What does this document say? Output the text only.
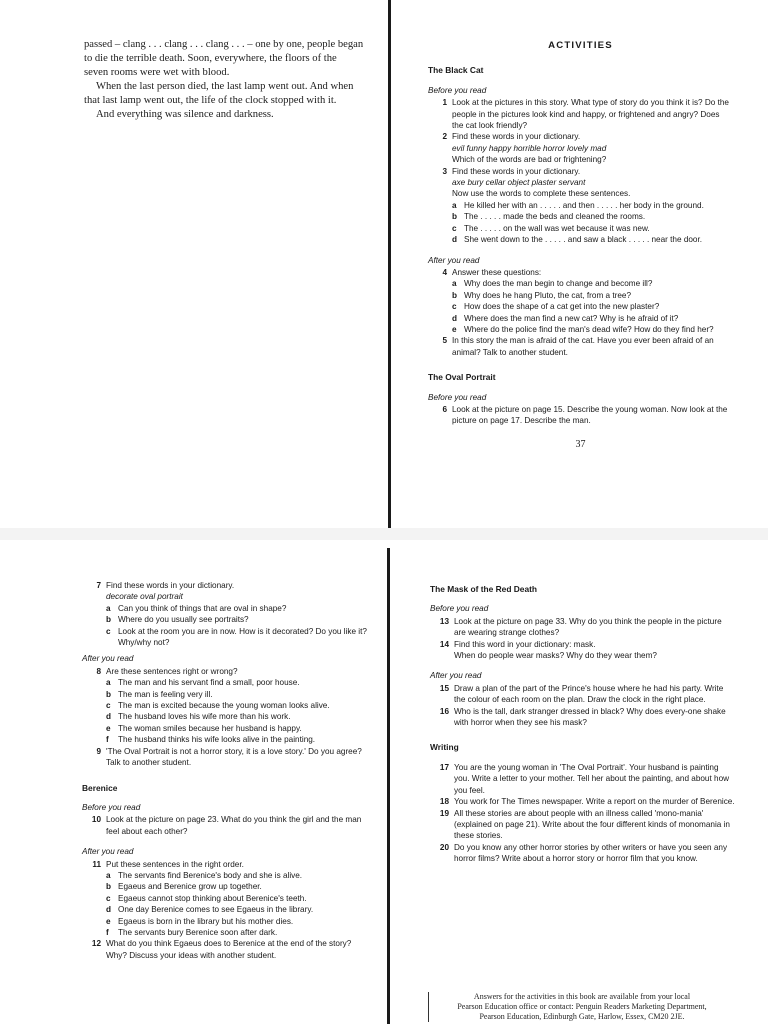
passed – clang . . . clang . . . clang . . . – one by one, people began

to die the terrible death. Soon, everywhere, the floors of the

seven rooms were wet with blood.

When the last person died, the last lamp went out. And when

that last lamp went out, the life of the clock stopped with it.

And everything was silence and darkness.

ACTIVITIES
The Black Cat
Before you read
1 Look at the pictures in this story. What type of story do you think it is? Do the people in the pictures look kind and happy, or frightened and angry? Does the cat look friendly?
2 Find these words in your dictionary.
evil funny happy horrible horror lovely mad
Which of the words are bad or frightening?
3 Find these words in your dictionary.
axe bury cellar object plaster servant
Now use the words to complete these sentences.
a He killed her with an . . . . . and then . . . . . her body in the ground.
b The . . . . . made the beds and cleaned the rooms.
c The . . . . . on the wall was wet because it was new.
d She went down to the . . . . . and saw a black . . . . . near the door.
After you read
4 Answer these questions:
a Why does the man begin to change and become ill?
b Why does he hang Pluto, the cat, from a tree?
c How does the shape of a cat get into the new plaster?
d Where does the man find a new cat? Why is he afraid of it?
e Where do the police find the man's dead wife? How do they find her?
5 In this story the man is afraid of the cat. Have you ever been afraid of an animal? Talk to another student.
The Oval Portrait
Before you read
6 Look at the picture on page 15. Describe the young woman. Now look at the picture on page 17. Describe the man.
37
7 Find these words in your dictionary.
decorate oval portrait
a Can you think of things that are oval in shape?
b Where do you usually see portraits?
c Look at the room you are in now. How is it decorated? Do you like it? Why/why not?
After you read
8 Are these sentences right or wrong?
a The man and his servant find a small, poor house.
b The man is feeling very ill.
c The man is excited because the young woman looks alive.
d The husband loves his wife more than his work.
e The woman smiles because her husband is happy.
f The husband thinks his wife looks alive in the painting.
9 'The Oval Portrait is not a horror story, it is a love story.' Do you agree? Talk to another student.
Berenice
Before you read
10 Look at the picture on page 23. What do you think the girl and the man feel about each other?
After you read
11 Put these sentences in the right order.
a The servants find Berenice's body and she is alive.
b Egaeus and Berenice grow up together.
c Egaeus cannot stop thinking about Berenice's teeth.
d One day Berenice comes to see Egaeus in the library.
e Egaeus is born in the library but his mother dies.
f The servants bury Berenice soon after dark.
12 What do you think Egaeus does to Berenice at the end of the story? Why? Discuss your ideas with another student.
The Mask of the Red Death
Before you read
13 Look at the picture on page 33. Why do you think the people in the picture are wearing strange clothes?
14 Find this word in your dictionary: mask.
When do people wear masks? Why do they wear them?
After you read
15 Draw a plan of the part of the Prince's house where he had his party. Write the colour of each room on the plan. Draw the clock in the right place.
16 Who is the tall, dark stranger dressed in black? Why does every-one shake with horror when they see his mask?
Writing
17 You are the young woman in 'The Oval Portrait'. Your husband is painting you. Write a letter to your mother. Tell her about the painting, and about how you feel.
18 You work for The Times newspaper. Write a report on the murder of Berenice.
19 All these stories are about people with an illness called 'mono-mania' (explained on page 21). Write about the four different kinds of monomania in these stories.
20 Do you know any other horror stories by other writers or have you seen any horror films? Write about a horror story or horror film that you know.
Answers for the activities in this book are available from your local
Pearson Education office or contact: Penguin Readers Marketing Department,
Pearson Education, Edinburgh Gate, Harlow, Essex, CM20 2JE.
